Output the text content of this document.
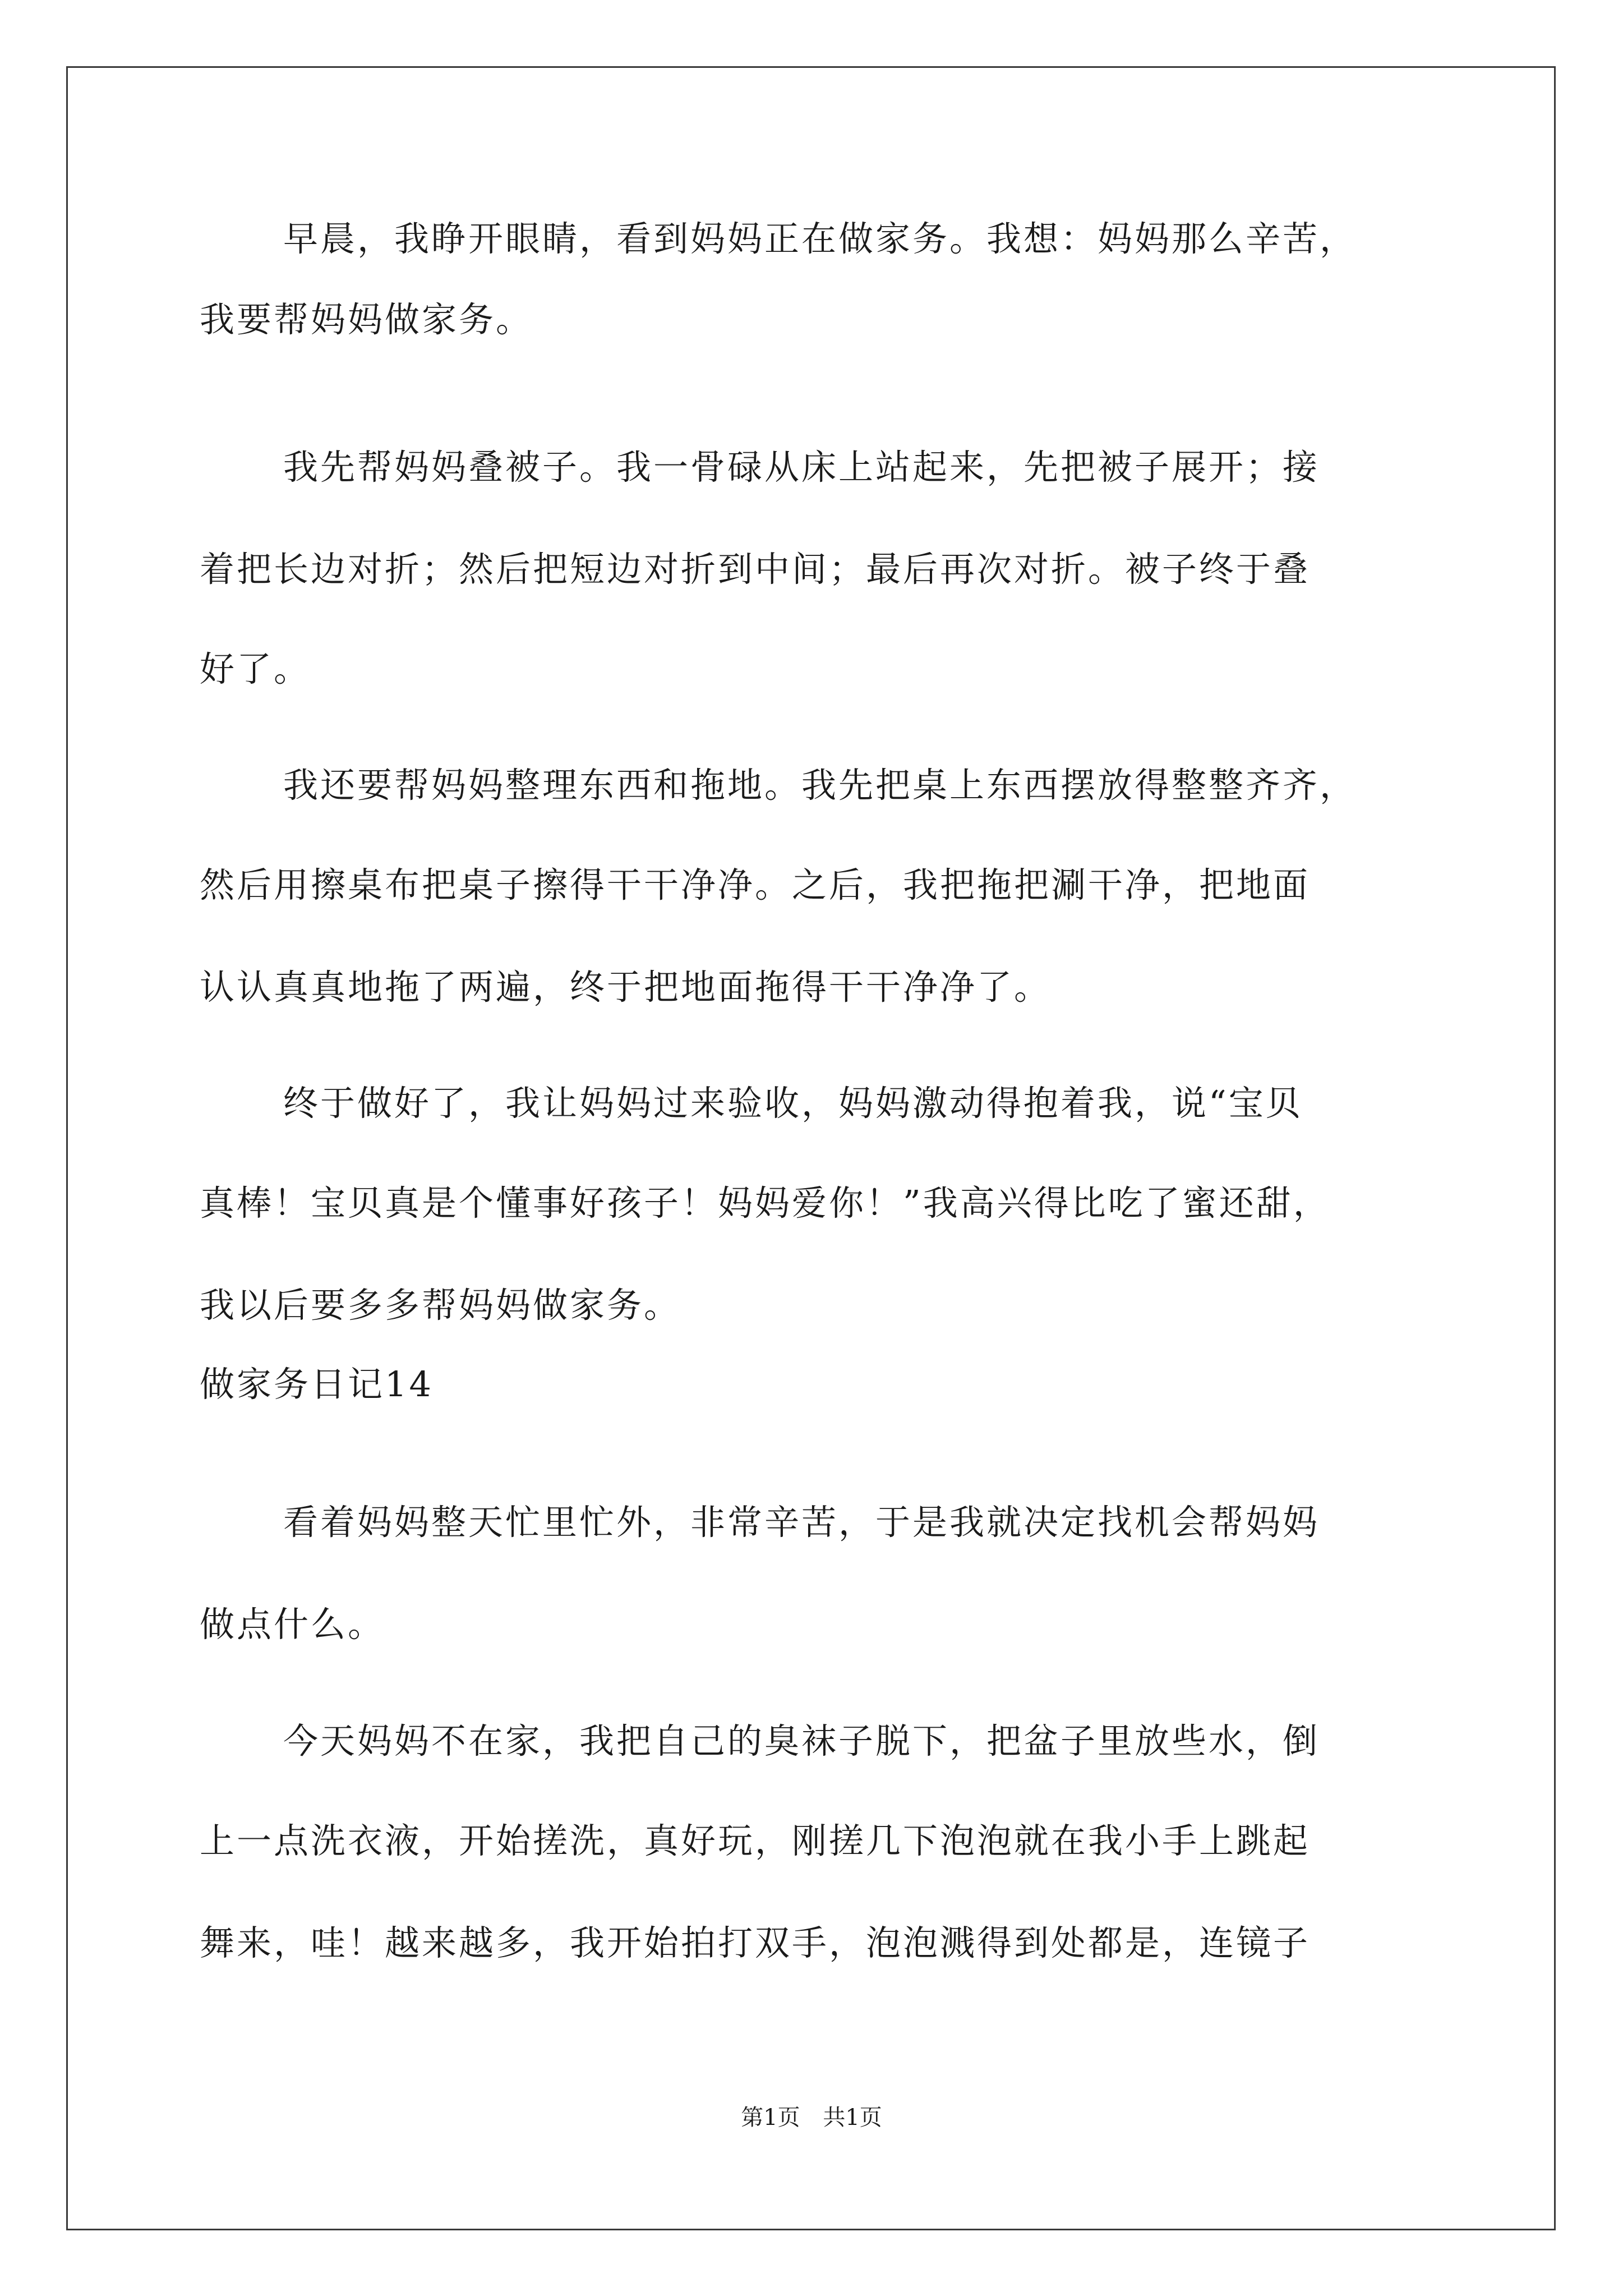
早晨，我睁开眼睛，看到妈妈正在做家务。我想：妈妈那么辛苦，
我要帮妈妈做家务。
我先帮妈妈叠被子。我一骨碌从床上站起来，先把被子展开；接
着把长边对折；然后把短边对折到中间；最后再次对折。被子终于叠
好了。
我还要帮妈妈整理东西和拖地。我先把桌上东西摆放得整整齐齐，
然后用擦桌布把桌子擦得干干净净。之后，我把拖把涮干净，把地面
认认真真地拖了两遍，终于把地面拖得干干净净了。
终于做好了，我让妈妈过来验收，妈妈激动得抱着我，说“宝贝
真棒！宝贝真是个懂事好孩子！妈妈爱你！”我高兴得比吃了蜜还甜，
我以后要多多帮妈妈做家务。
做家务日记14
看着妈妈整天忙里忙外，非常辛苦，于是我就决定找机会帮妈妈
做点什么。
今天妈妈不在家，我把自己的臭袜子脱下，把盆子里放些水，倒
上一点洗衣液，开始搓洗，真好玩，刚搓几下泡泡就在我小手上跳起
舞来，哇！越来越多，我开始拍打双手，泡泡溅得到处都是，连镜子
第1页 共1页
